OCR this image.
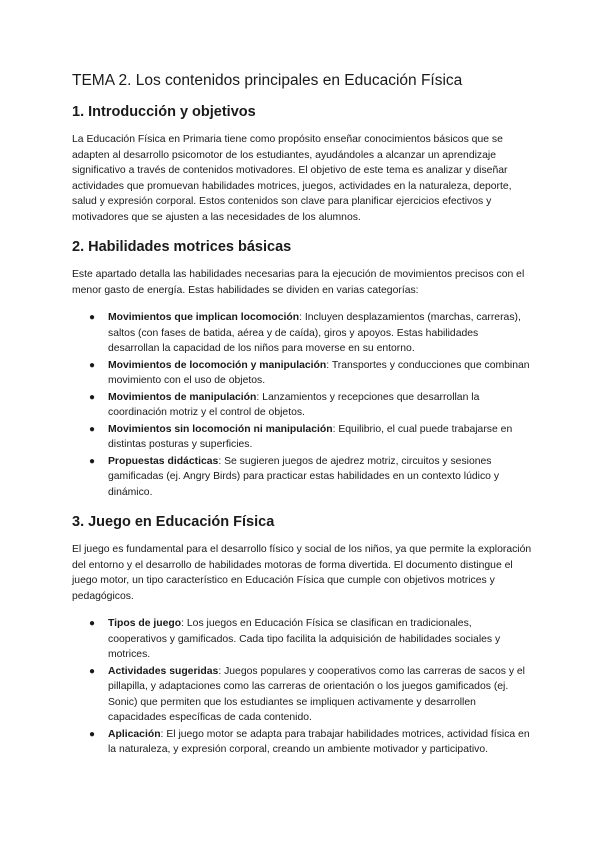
TEMA 2. Los contenidos principales en Educación Física
1. Introducción y objetivos

La Educación Física en Primaria tiene como propósito enseñar conocimientos básicos que se adapten al desarrollo psicomotor de los estudiantes, ayudándoles a alcanzar un aprendizaje significativo a través de contenidos motivadores. El objetivo de este tema es analizar y diseñar actividades que promuevan habilidades motrices, juegos, actividades en la naturaleza, deporte, salud y expresión corporal. Estos contenidos son clave para planificar ejercicios efectivos y motivadores que se ajusten a las necesidades de los alumnos.

2. Habilidades motrices básicas

Este apartado detalla las habilidades necesarias para la ejecución de movimientos precisos con el menor gasto de energía. Estas habilidades se dividen en varias categorías:

● Movimientos que implican locomoción: Incluyen desplazamientos (marchas, carreras), saltos (con fases de batida, aérea y de caída), giros y apoyos. Estas habilidades desarrollan la capacidad de los niños para moverse en su entorno.
● Movimientos de locomoción y manipulación: Transportes y conducciones que combinan movimiento con el uso de objetos.
● Movimientos de manipulación: Lanzamientos y recepciones que desarrollan la coordinación motriz y el control de objetos.
● Movimientos sin locomoción ni manipulación: Equilibrio, el cual puede trabajarse en distintas posturas y superficies.
● Propuestas didácticas: Se sugieren juegos de ajedrez motriz, circuitos y sesiones gamificadas (ej. Angry Birds) para practicar estas habilidades en un contexto lúdico y dinámico.
3. Juego en Educación Física

El juego es fundamental para el desarrollo físico y social de los niños, ya que permite la exploración del entorno y el desarrollo de habilidades motoras de forma divertida. El documento distingue el juego motor, un tipo característico en Educación Física que cumple con objetivos motrices y pedagógicos.

● Tipos de juego: Los juegos en Educación Física se clasifican en tradicionales, cooperativos y gamificados. Cada tipo facilita la adquisición de habilidades sociales y motrices.
● Actividades sugeridas: Juegos populares y cooperativos como las carreras de sacos y el pillapilla, y adaptaciones como las carreras de orientación o los juegos gamificados (ej. Sonic) que permiten que los estudiantes se impliquen activamente y desarrollen capacidades específicas de cada contenido.
● Aplicación: El juego motor se adapta para trabajar habilidades motrices, actividad física en la naturaleza, y expresión corporal, creando un ambiente motivador y participativo.
